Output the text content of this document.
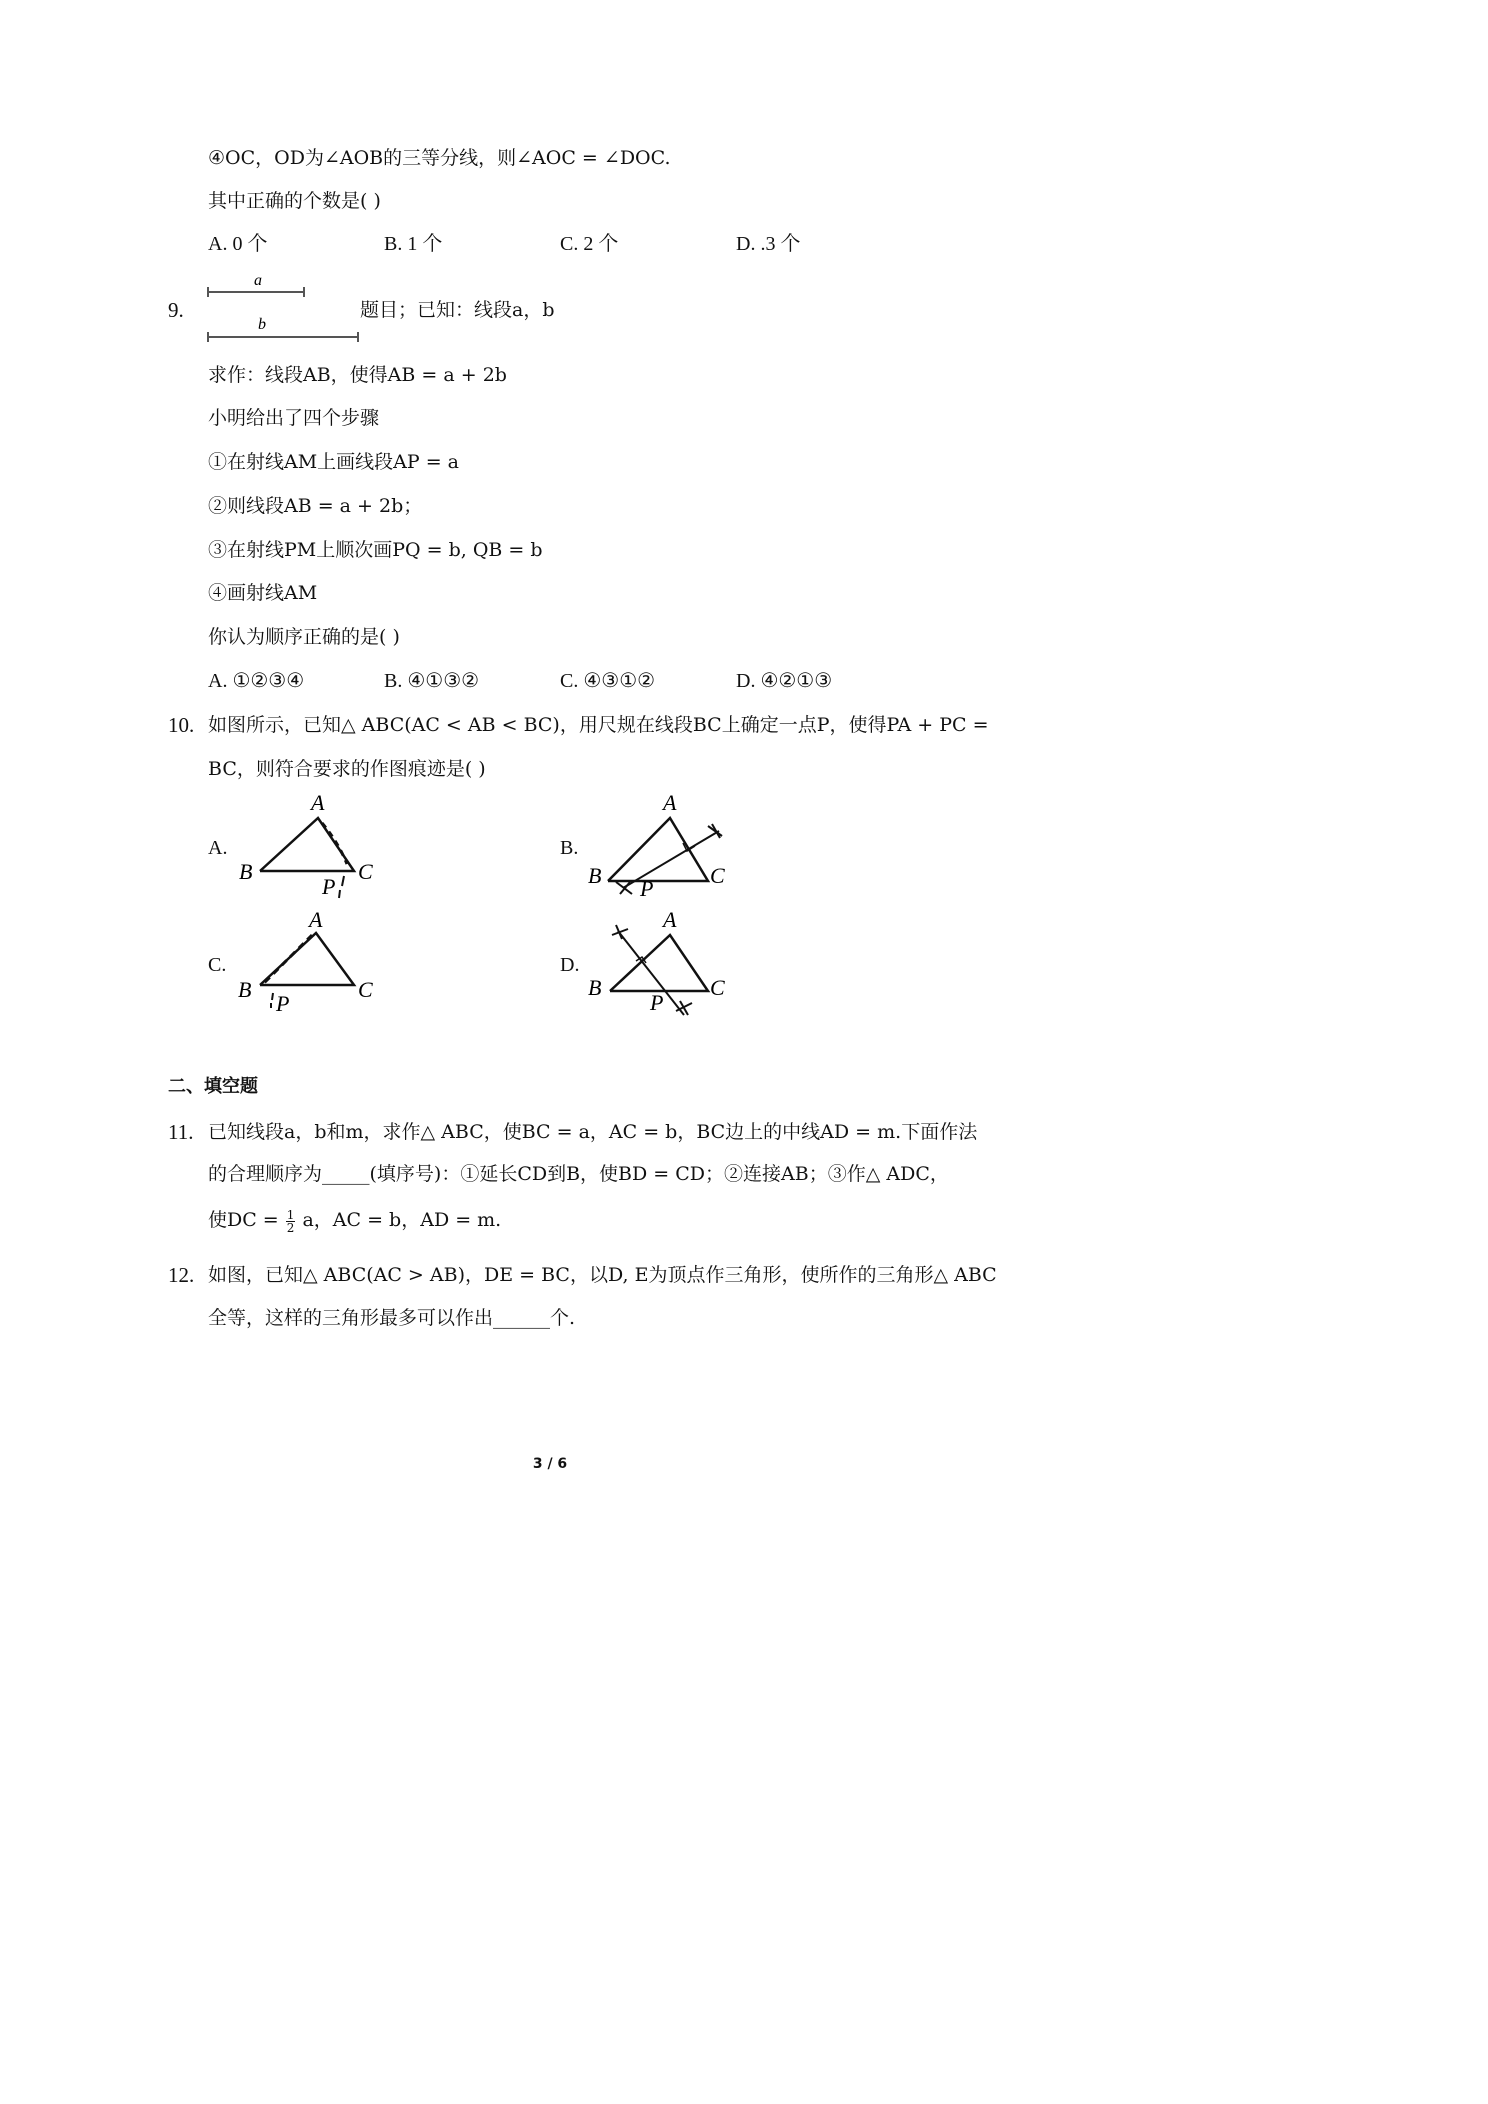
④OC，OD为∠AOB的三等分线，则∠AOC = ∠DOC.
其中正确的个数是( )
A. 0 个	B. 1 个	C. 2 个	D. .3 个
9.
a
b
题目；已知：线段a，b
求作：线段AB，使得AB = a + 2b
小明给出了四个步骤
①在射线AM上画线段AP = a
②则线段AB = a + 2b；
③在射线PM上顺次画PQ = b, QB = b
④画射线AM
你认为顺序正确的是( )
A. ①②③④	B. ④①③②	C. ④③①②	D. ④②①③
10. 如图所示，已知△ ABC(AC < AB < BC)，用尺规在线段BC上确定一点P，使得PA + PC =
BC，则符合要求的作图痕迹是( )
A.	B.
C.	D.
A
B	C
P
A
B	C
P
A
B	C
P
A
B	C
P
二、填空题
11. 已知线段a，b和m，求作△ ABC，使BC = a，AC = b，BC边上的中线AD = m.下面作法
的合理顺序为_____(填序号)：①延长CD到B，使BD = CD；②连接AB；③作△ ADC，
使DC = $\frac{1}{2}$ a，AC = b，AD = m.
12. 如图，已知△ ABC(AC > AB)，DE = BC，以D, E为顶点作三角形，使所作的三角形△ ABC
全等，这样的三角形最多可以作出______个.
3 / 6
